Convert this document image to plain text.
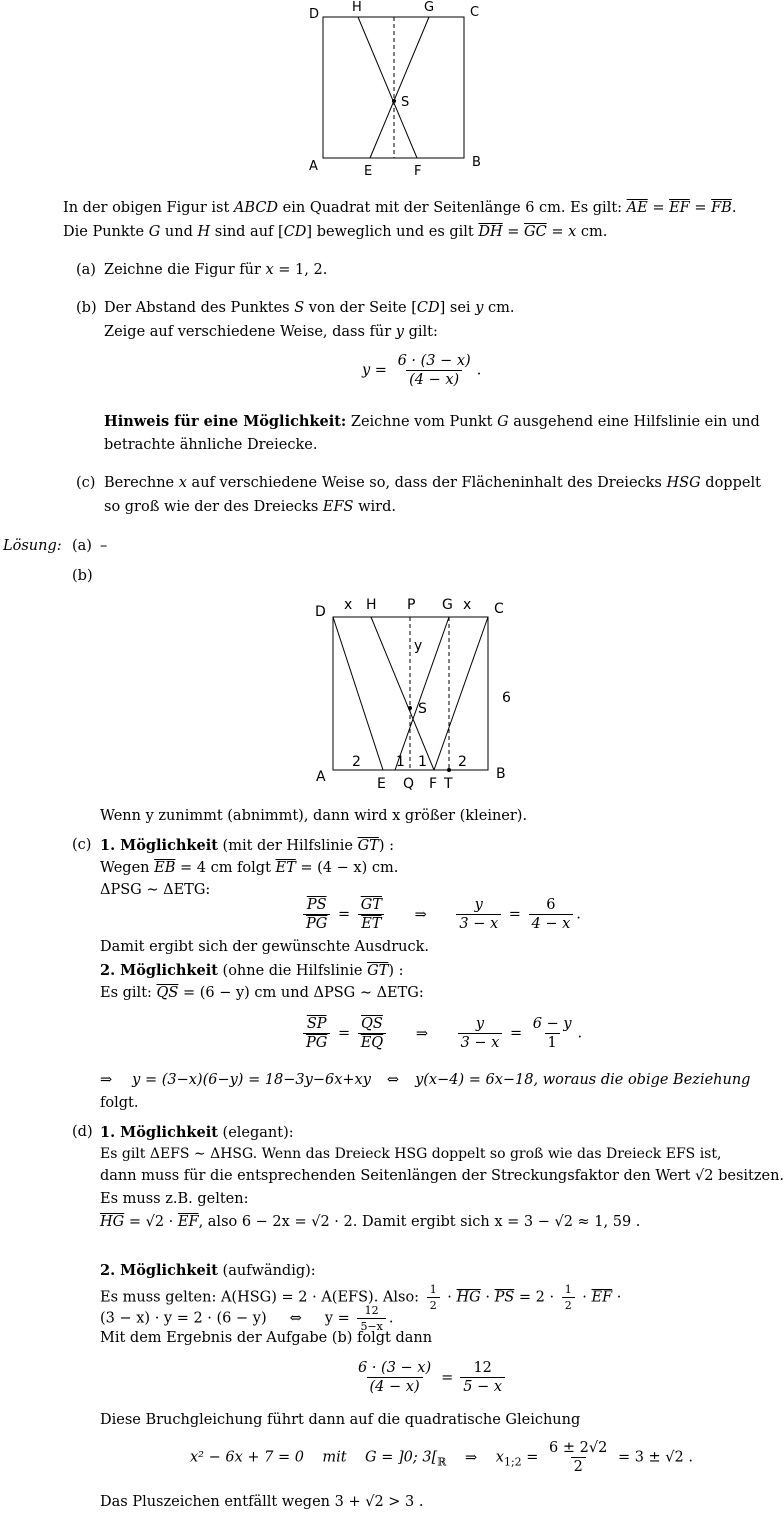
D	H	G	C
S
A	E	F
B
In der obigen Figur ist ABCD ein Quadrat mit der Seitenlänge 6 cm. Es gilt: $\overline{AE} = \overline{EF} = \overline{FB}$.
Die Punkte G und H sind auf [CD] beweglich und es gilt $\overline{DH} = \overline{GC} = x$ cm.
(a) Zeichne die Figur für x = 1, 2.
(b) Der Abstand des Punktes S von der Seite [CD] sei y cm.
Zeige auf verschiedene Weise, dass für y gilt:
$y = \frac{6 \cdot (3 - x)}{(4 - x)}$ .
Hinweis für eine Möglichkeit: Zeichne vom Punkt G ausgehend eine Hilfslinie ein und
betrachte ähnliche Dreiecke.
(c) Berechne x auf verschiedene Weise so, dass der Flächeninhalt des Dreiecks HSG doppelt
so groß wie der des Dreiecks EFS wird.
Lösung: (a) –
(b)
D x H P G x C
y
S
6
A
2	1 1 2
B
E Q F T
Wenn y zunimmt (abnimmt), dann wird x größer (kleiner).
(c) 1. Möglichkeit (mit der Hilfslinie $\overline{GT}$) :
Wegen $\overline{EB} = 4$ cm folgt $\overline{ET} = (4 - x)$ cm.
ΔPSG ∼ ΔETG:
$\frac{\overline{PS}}{PG} = \frac{\overline{GT}}{ET}$ ⇒ $\frac{y}{3 - x} = \frac{6}{4 - x}$ .
Damit ergibt sich der gewünschte Ausdruck.
2. Möglichkeit (ohne die Hilfslinie $\overline{GT}$) :
Es gilt: $\overline{QS} = (6 - y)$ cm und ΔPSG ∼ ΔETG:
$\frac{\overline{SP}}{PG} = \frac{\overline{QS}}{EQ}$ ⇒ $\frac{y}{3 - x} = \frac{6 - y}{1}$ .
⇒ y = (3−x)(6−y) = 18−3y−6x+xy ⇔ y(x−4) = 6x−18, woraus die obige Beziehung
folgt.
(d) 1. Möglichkeit (elegant):
Es gilt ΔEFS ∼ ΔHSG. Wenn das Dreieck HSG doppelt so groß wie das Dreieck EFS ist,
dann muss für die entsprechenden Seitenlängen der Streckungsfaktor den Wert √2 besitzen.
Es muss z.B. gelten:
$\overline{HG} = √2 \cdot \overline{EF}$, also 6 − 2x = √2 · 2. Damit ergibt sich x = 3 − √2 ≈ 1, 59 .
2. Möglichkeit (aufwändig):
Es muss gelten: A(HSG) = 2 · A(EFS). Also: $\frac{1}{2} \cdot \overline{HG} \cdot \overline{PS} = 2 \cdot \frac{1}{2} \cdot \overline{EF}$ ·
(3 − x) · y = 2 · (6 − y)     ⇔     $y = \frac{12}{5-x}$ .
Mit dem Ergebnis der Aufgabe (b) folgt dann
$\frac{6 \cdot (3 - x)}{(4 - x)} = \frac{12}{5 - x}$
Diese Bruchgleichung führt dann auf die quadratische Gleichung
x² − 6x + 7 = 0    mit    G = ]0; $3[_ℝ$ ⇒ $x_{1;2} = \frac{6 \pm 2√2}{2} = 3 \pm √2$ .
Das Pluszeichen entfällt wegen 3 + √2 > 3 .
